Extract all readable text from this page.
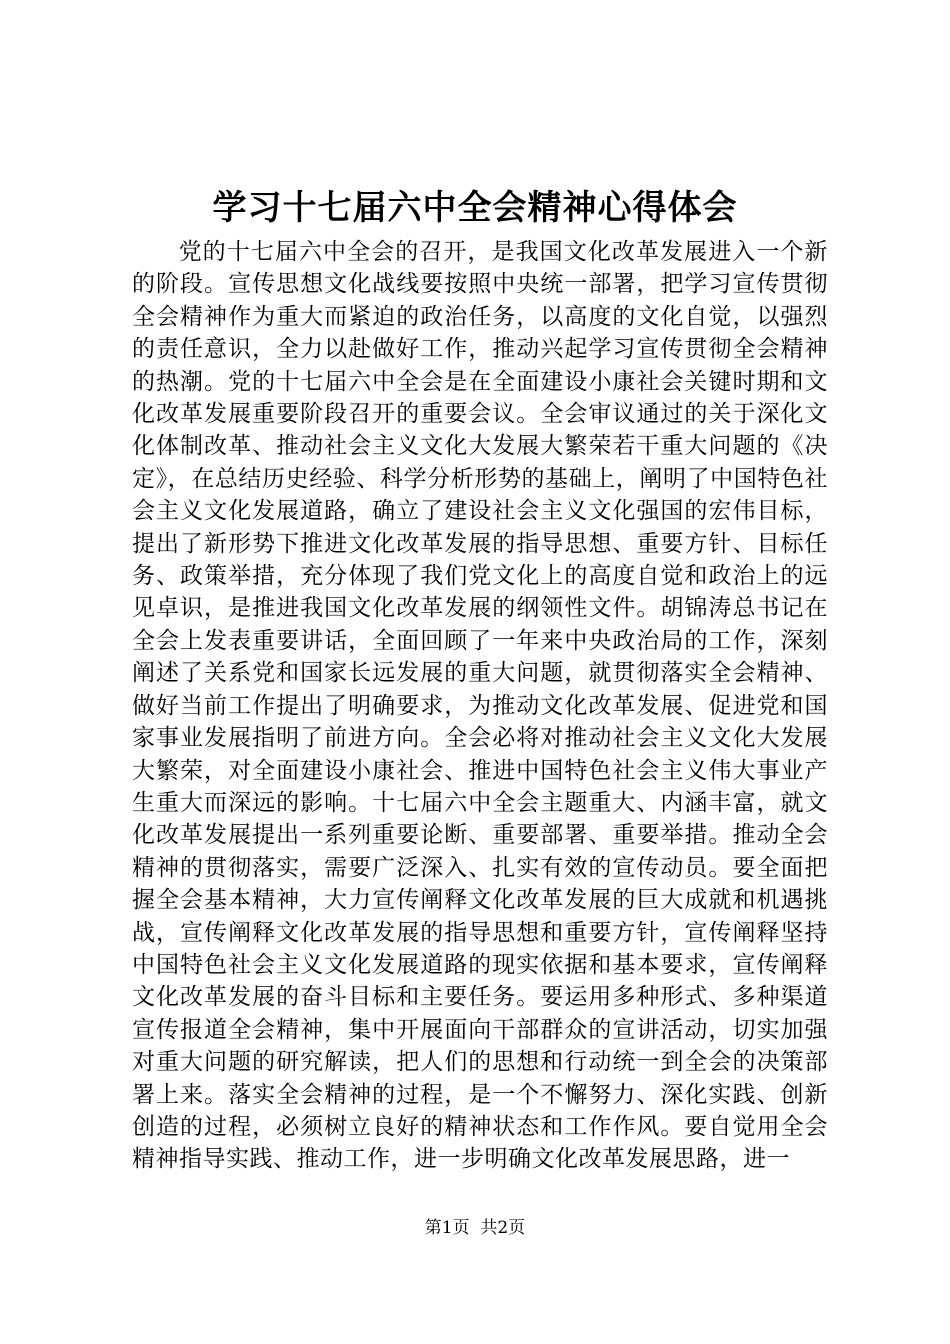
学习十七届六中全会精神心得体会

党的十七届六中全会的召开，是我国文化改革发展进入一个新的阶段。宣传思想文化战线要按照中央统一部署，把学习宣传贯彻全会精神作为重大而紧迫的政治任务，以高度的文化自觉，以强烈的责任意识，全力以赴做好工作，推动兴起学习宣传贯彻全会精神的热潮。党的十七届六中全会是在全面建设小康社会关键时期和文化改革发展重要阶段召开的重要会议。全会审议通过的关于深化文化体制改革、推动社会主义文化大发展大繁荣若干重大问题的《决定》，在总结历史经验、科学分析形势的基础上，阐明了中国特色社会主义文化发展道路，确立了建设社会主义文化强国的宏伟目标，提出了新形势下推进文化改革发展的指导思想、重要方针、目标任务、政策举措，充分体现了我们党文化上的高度自觉和政治上的远见卓识，是推进我国文化改革发展的纲领性文件。胡锦涛总书记在全会上发表重要讲话，全面回顾了一年来中央政治局的工作，深刻阐述了关系党和国家长远发展的重大问题，就贯彻落实全会精神、做好当前工作提出了明确要求，为推动文化改革发展、促进党和国家事业发展指明了前进方向。全会必将对推动社会主义文化大发展大繁荣，对全面建设小康社会、推进中国特色社会主义伟大事业产生重大而深远的影响。十七届六中全会主题重大、内涵丰富，就文化改革发展提出一系列重要论断、重要部署、重要举措。推动全会精神的贯彻落实，需要广泛深入、扎实有效的宣传动员。要全面把握全会基本精神，大力宣传阐释文化改革发展的巨大成就和机遇挑战，宣传阐释文化改革发展的指导思想和重要方针，宣传阐释坚持中国特色社会主义文化发展道路的现实依据和基本要求，宣传阐释文化改革发展的奋斗目标和主要任务。要运用多种形式、多种渠道宣传报道全会精神，集中开展面向干部群众的宣讲活动，切实加强对重大问题的研究解读，把人们的思想和行动统一到全会的决策部署上来。落实全会精神的过程，是一个不懈努力、深化实践、创新创造的过程，必须树立良好的精神状态和工作作风。要自觉用全会精神指导实践、推动工作，进一步明确文化改革发展思路，进一

第1页 共2页
